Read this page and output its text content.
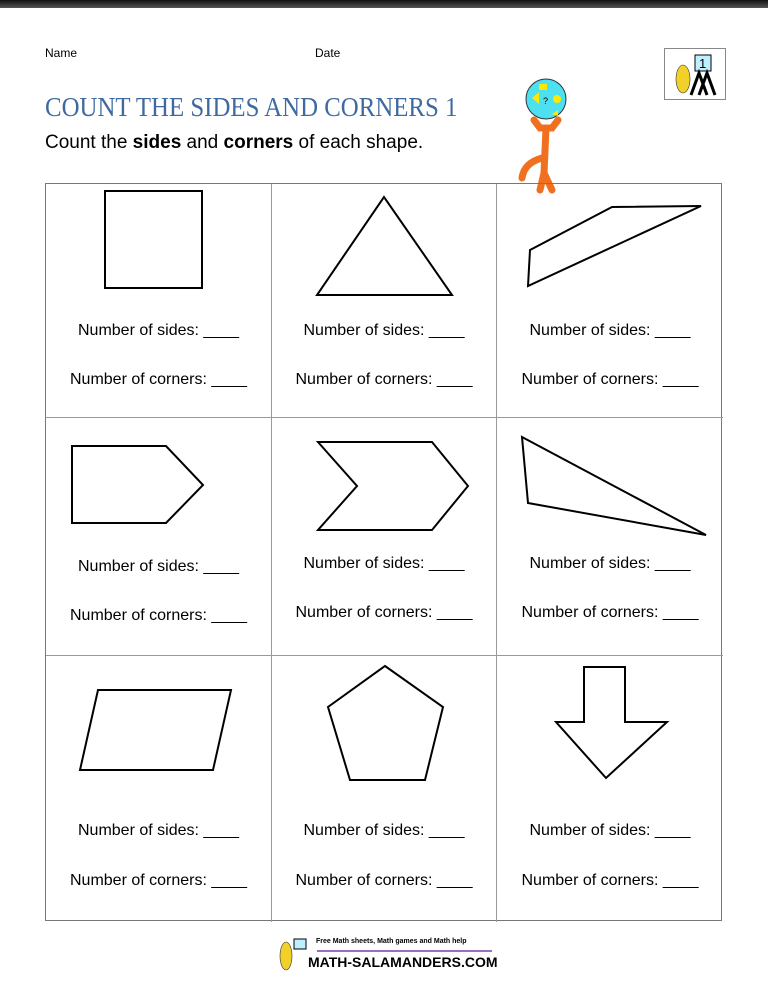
Name	Date
COUNT THE SIDES AND CORNERS 1
Count the sides and corners of each shape.
1
?
Number of sides: ____
Number of corners: ____
Number of sides: ____
Number of corners: ____
Number of sides: ____
Number of corners: ____
Number of sides: ____
Number of corners: ____
Number of sides: ____
Number of corners: ____
Number of sides: ____
Number of corners: ____
Number of sides: ____
Number of corners: ____
Number of sides: ____
Number of corners: ____
Number of sides: ____
Number of corners: ____
Free Math sheets, Math games and Math help
MATH-SALAMANDERS.COM
